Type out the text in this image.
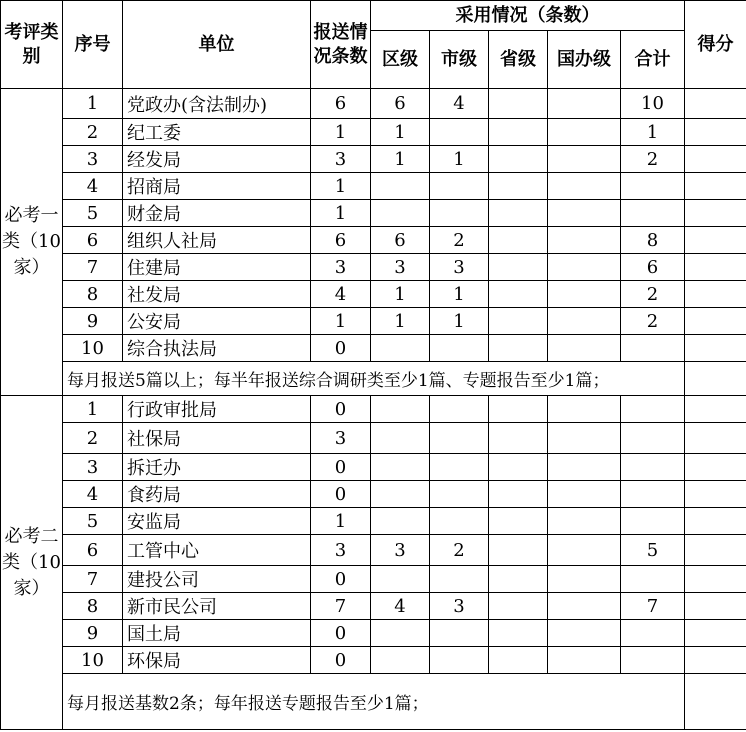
考评类别	序号	单位	报送情况条数	采用情况（条数）					得分
				区级	市级	省级	国办级	合计	
必考一类（10家）	1	党政办(含法制办)	6	6	4			10	
	2	纪工委	1	1				1	
	3	经发局	3	1	1			2	
	4	招商局	1						
	5	财金局	1						
	6	组织人社局	6	6	2			8	
	7	住建局	3	3	3			6	
	8	社发局	4	1	1			2	
	9	公安局	1	1	1			2	
	10	综合执法局	0						
	每月报送5篇以上；每半年报送综合调研类至少1篇、专题报告至少1篇；								
必考二类（10家）	1	行政审批局	0						
	2	社保局	3						
	3	拆迁办	0						
	4	食药局	0						
	5	安监局	1						
	6	工管中心	3	3	2			5	
	7	建投公司	0						
	8	新市民公司	7	4	3			7	
	9	国土局	0						
	10	环保局	0						
	每月报送基数2条；每年报送专题报告至少1篇；								
